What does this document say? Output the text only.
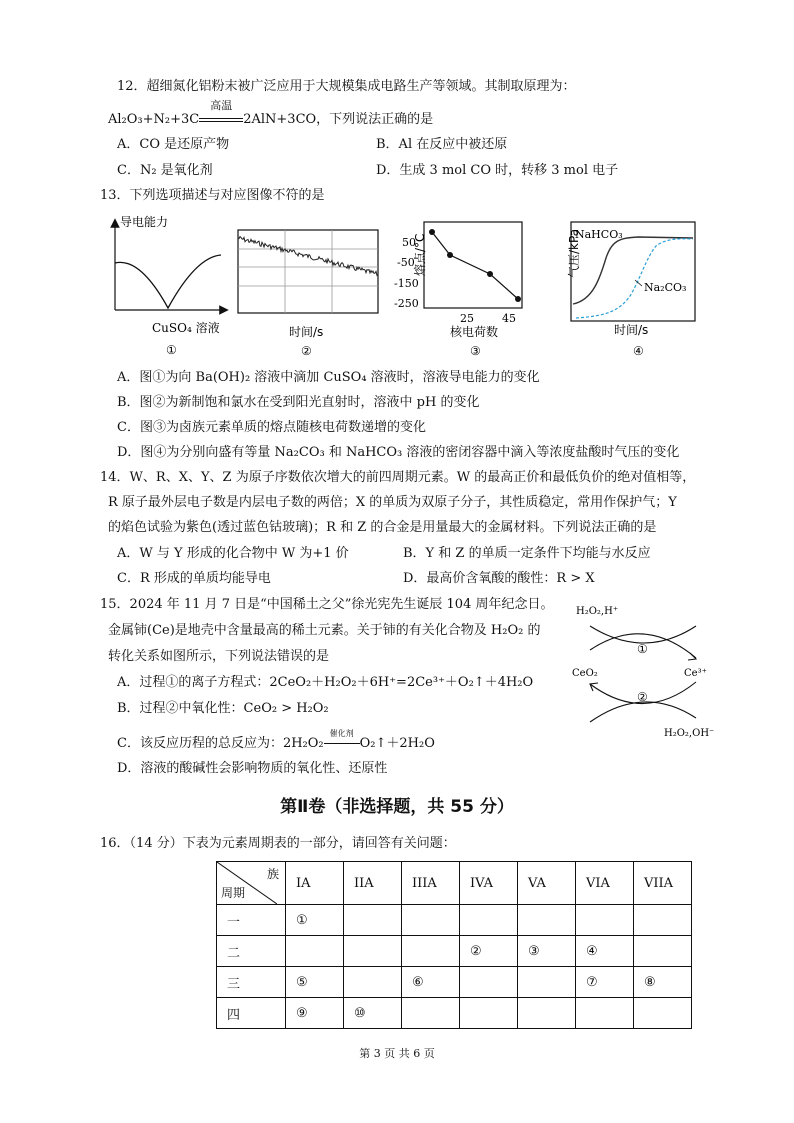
12．超细氮化铝粉末被广泛应用于大规模集成电路生产等领域。其制取原理为：
Al₂O₃+N₂+3C
高温
2AlN+3CO，下列说法正确的是
A．CO 是还原产物	B．Al 在反应中被还原
C．N₂ 是氧化剂	D．生成 3 mol CO 时，转移 3 mol 电子
13．下列选项描述与对应图像不符的是
导电能力
CuSO₄ 溶液
①
时间/s
②
熔点/°C
50
-50
-150
-250
25	45
核电荷数
③
气压/kPa
NaHCO₃
Na₂CO₃
时间/s
④
A．图①为向 Ba(OH)₂ 溶液中滴加 CuSO₄ 溶液时，溶液导电能力的变化
B．图②为新制饱和氯水在受到阳光直射时，溶液中 pH 的变化
C．图③为卤族元素单质的熔点随核电荷数递增的变化
D．图④为分别向盛有等量 Na₂CO₃ 和 NaHCO₃ 溶液的密闭容器中滴入等浓度盐酸时气压的变化
14．W、R、X、Y、Z 为原子序数依次增大的前四周期元素。W 的最高正价和最低负价的绝对值相等，
R 原子最外层电子数是内层电子数的两倍；X 的单质为双原子分子，其性质稳定，常用作保护气；Y
的焰色试验为紫色(透过蓝色钴玻璃)；R 和 Z 的合金是用量最大的金属材料。下列说法正确的是
A．W 与 Y 形成的化合物中 W 为+1 价	B．Y 和 Z 的单质一定条件下均能与水反应
C．R 形成的单质均能导电	D．最高价含氧酸的酸性：R > X
15．2024 年 11 月 7 日是“中国稀土之父”徐光宪先生诞辰 104 周年纪念日。
金属铈(Ce)是地壳中含量最高的稀土元素。关于铈的有关化合物及 H₂O₂ 的
转化关系如图所示，下列说法错误的是
A．过程①的离子方程式：2CeO₂＋H₂O₂＋6H⁺=2Ce³⁺＋O₂↑＋4H₂O
B．过程②中氧化性：CeO₂ > H₂O₂
C．该反应历程的总反应为：2H₂O₂
催化剂
O₂↑＋2H₂O
D．溶液的酸碱性会影响物质的氧化性、还原性
H₂O₂,H⁺
①
CeO₂	Ce³⁺
②
H₂O₂,OH⁻
第Ⅱ卷（非选择题，共 55 分）
16．（14 分）下表为元素周期表的一部分，请回答有关问题：
族
周期	IA	IIA	IIIA	IVA	VA	VIA	VIIA
一	①						
二				②	③	④	
三	⑤		⑥			⑦	⑧
四	⑨	⑩					
第 3 页 共 6 页
